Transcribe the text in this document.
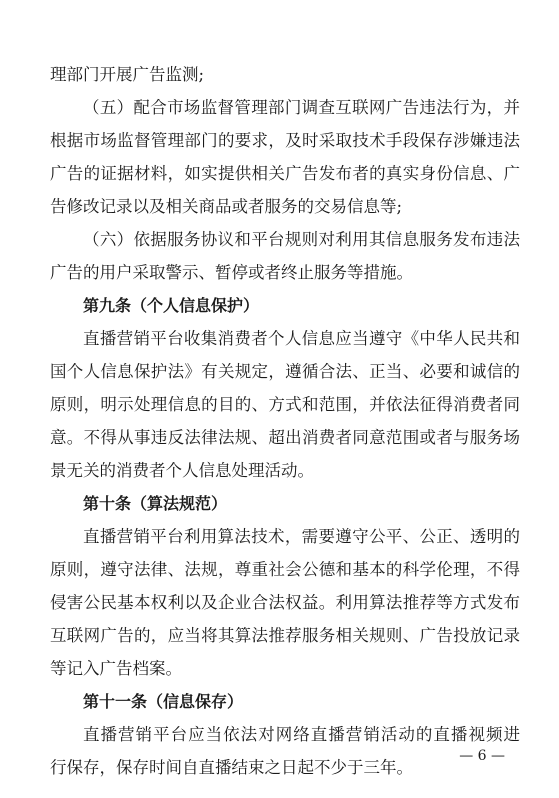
理部门开展广告监测;
（五）配合市场监督管理部门调查互联网广告违法行为，并
根据市场监督管理部门的要求，及时采取技术手段保存涉嫌违法
广告的证据材料，如实提供相关广告发布者的真实身份信息、广
告修改记录以及相关商品或者服务的交易信息等;
（六）依据服务协议和平台规则对利用其信息服务发布违法
广告的用户采取警示、暂停或者终止服务等措施。
第九条（个人信息保护）
直播营销平台收集消费者个人信息应当遵守《中华人民共和
国个人信息保护法》有关规定，遵循合法、正当、必要和诚信的
原则，明示处理信息的目的、方式和范围，并依法征得消费者同
意。不得从事违反法律法规、超出消费者同意范围或者与服务场
景无关的消费者个人信息处理活动。
第十条（算法规范）
直播营销平台利用算法技术，需要遵守公平、公正、透明的
原则，遵守法律、法规，尊重社会公德和基本的科学伦理，不得
侵害公民基本权利以及企业合法权益。利用算法推荐等方式发布
互联网广告的，应当将其算法推荐服务相关规则、广告投放记录
等记入广告档案。
第十一条（信息保存）
直播营销平台应当依法对网络直播营销活动的直播视频进
行保存，保存时间自直播结束之日起不少于三年。
— 6 —
